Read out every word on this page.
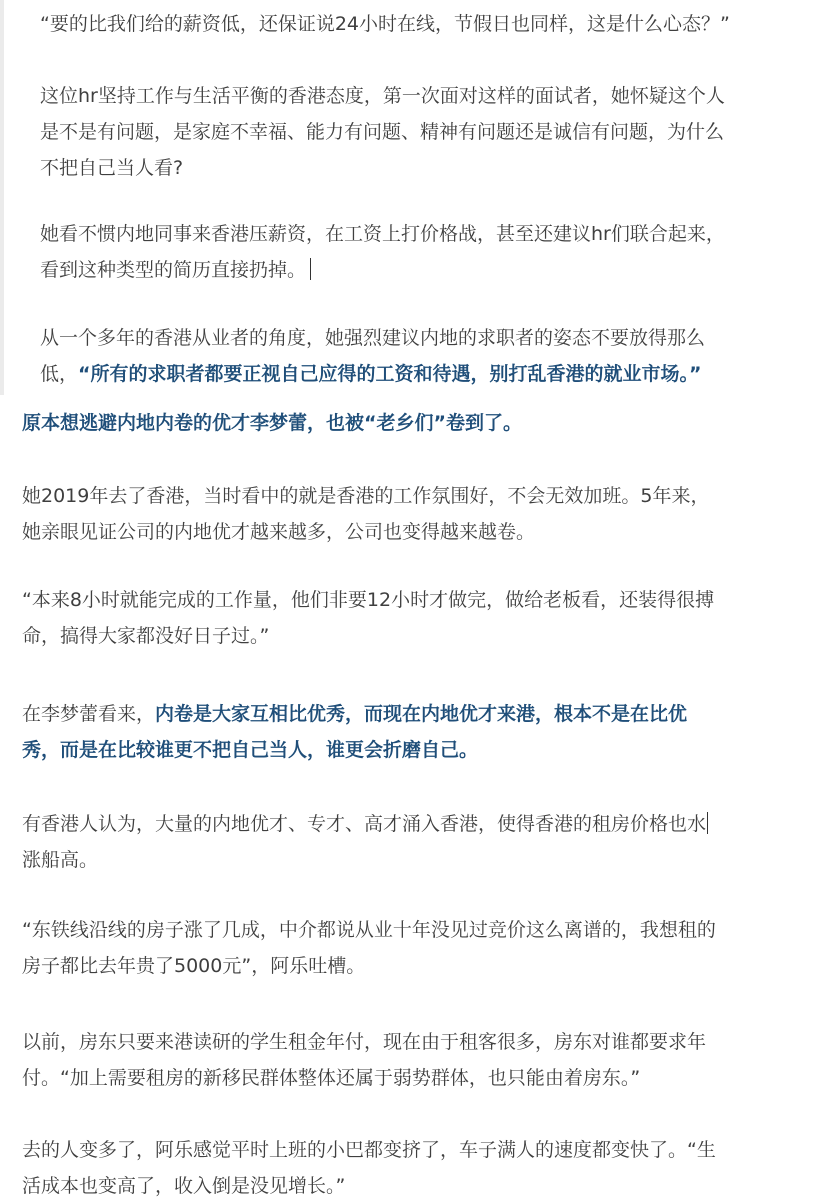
“要的比我们给的薪资低，还保证说24小时在线，节假日也同样，这是什么心态？”
这位hr坚持工作与生活平衡的香港态度，第一次面对这样的面试者，她怀疑这个人
是不是有问题，是家庭不幸福、能力有问题、精神有问题还是诚信有问题，为什么
不把自己当人看?
她看不惯内地同事来香港压薪资，在工资上打价格战，甚至还建议hr们联合起来，
看到这种类型的简历直接扔掉。
从一个多年的香港从业者的角度，她强烈建议内地的求职者的姿态不要放得那么
低，“所有的求职者都要正视自己应得的工资和待遇，别打乱香港的就业市场。”
原本想逃避内地内卷的优才李梦蕾，也被“老乡们”卷到了。
她2019年去了香港，当时看中的就是香港的工作氛围好，不会无效加班。5年来，
她亲眼见证公司的内地优才越来越多，公司也变得越来越卷。
“本来8小时就能完成的工作量，他们非要12小时才做完，做给老板看，还装得很搏
命，搞得大家都没好日子过。”
在李梦蕾看来，内卷是大家互相比优秀，而现在内地优才来港，根本不是在比优
秀，而是在比较谁更不把自己当人，谁更会折磨自己。
有香港人认为，大量的内地优才、专才、高才涌入香港，使得香港的租房价格也水
涨船高。
“东铁线沿线的房子涨了几成，中介都说从业十年没见过竞价这么离谱的，我想租的
房子都比去年贵了5000元”，阿乐吐槽。
以前，房东只要来港读研的学生租金年付，现在由于租客很多，房东对谁都要求年
付。“加上需要租房的新移民群体整体还属于弱势群体，也只能由着房东。”
去的人变多了，阿乐感觉平时上班的小巴都变挤了，车子满人的速度都变快了。“生
活成本也变高了，收入倒是没见增长。”
